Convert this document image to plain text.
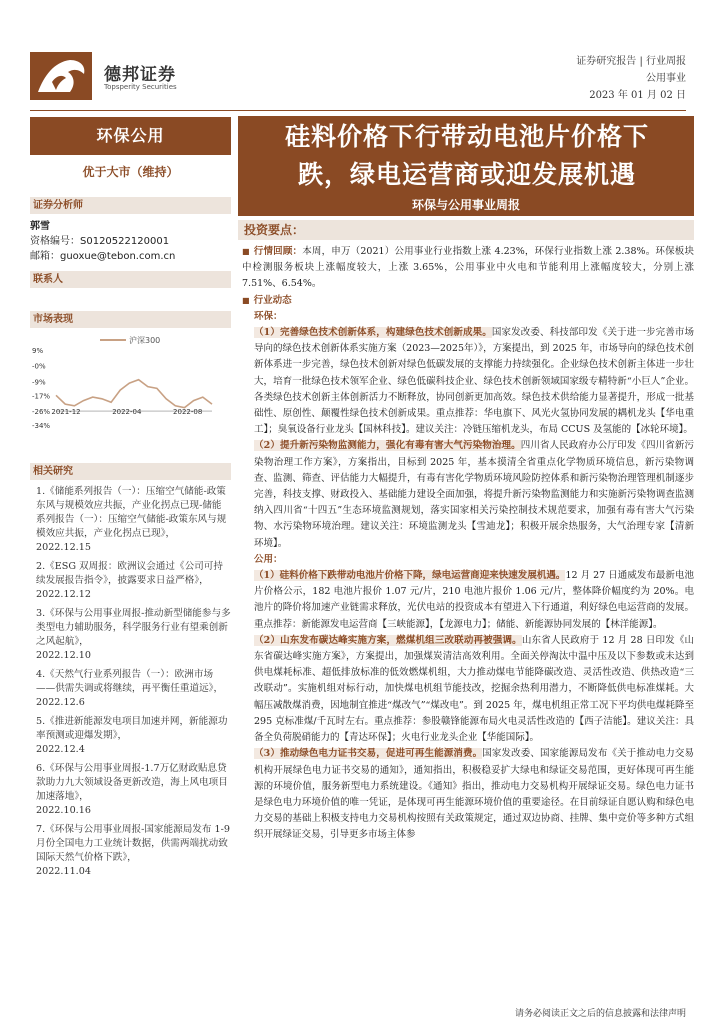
德邦证券
Topsperity Securities
证券研究报告 | 行业周报
公用事业
2023 年 01 月 02 日
环保公用
优于大市（维持）
证券分析师
郭雪
资格编号：S0120522120001
邮箱：guoxue@tebon.com.cn
联系人
市场表现
沪深300
9%
-0%
-9%
-17%
-26%
-34%
2021-12	2022-04	2022-08
相关研究
1.《储能系列报告（一）：压缩空气储能-政策东风与规模效应共振，产业化拐点已现-储能系列报告（一）：压缩空气储能-政策东风与规模效应共振，产业化拐点已现》，
2022.12.15
2.《ESG 双周报：欧洲议会通过《公司可持续发展报告指令》，披露要求日益严格》，
2022.12.12
3.《环保与公用事业周报-推动新型储能参与多类型电力辅助服务，科学服务行业有望乘创新之风起航》，
2022.12.10
4.《天然气行业系列报告（一）：欧洲市场——供需失调或将继续，再平衡任重道远》，
2022.12.6
5.《推进新能源发电项目加速并网，新能源功率预测或迎爆发期》，
2022.12.4
6.《环保与公用事业周报-1.7万亿财政贴息贷款助力九大领域设备更新改造，海上风电项目加速落地》，
2022.10.16
7.《环保与公用事业周报-国家能源局发布 1-9 月份全国电力工业统计数据，供需两端扰动致国际天然气价格下跌》，
2022.11.04
硅料价格下行带动电池片价格下
跌，绿电运营商或迎发展机遇
环保与公用事业周报
投资要点：

■ 行情回顾：本周，申万（2021）公用事业行业指数上涨 4.23%，环保行业指数上涨 2.38%。环保板块中检测服务板块上涨幅度较大，上涨 3.65%，公用事业中火电和节能利用上涨幅度较大，分别上涨 7.51%、6.54%。

■ 行业动态

环保：

（1）完善绿色技术创新体系，构建绿色技术创新成果。国家发改委、科技部印发《关于进一步完善市场导向的绿色技术创新体系实施方案（2023—2025年）》，方案提出，到 2025 年，市场导向的绿色技术创新体系进一步完善，绿色技术创新对绿色低碳发展的支撑能力持续强化。企业绿色技术创新主体进一步壮大，培育一批绿色技术领军企业、绿色低碳科技企业、绿色技术创新领域国家级专精特新“小巨人”企业。各类绿色技术创新主体创新活力不断释放，协同创新更加高效。绿色技术供给能力显著提升，形成一批基础性、原创性、颠覆性绿色技术创新成果。重点推荐：华电旗下、风光火氢协同发展的耦机龙头【华电重工】；臭氧设备行业龙头【国林科技】。建议关注：冷链压缩机龙头，布局 CCUS 及氢能的【冰轮环境】。

（2）提升新污染物监测能力，强化有毒有害大气污染物治理。四川省人民政府办公厅印发《四川省新污染物治理工作方案》，方案指出，目标到 2025 年，基本摸清全省重点化学物质环境信息，新污染物调查、监测、筛查、评估能力大幅提升，有毒有害化学物质环境风险防控体系和新污染物治理管理机制逐步完善，科技支撑、财政投入、基础能力建设全面加强，将提升新污染物监测能力和实施新污染物调查监测纳入四川省“十四五”生态环境监测规划，落实国家相关污染控制技术规范要求，加强有毒有害大气污染物、水污染物环境治理。建议关注：环境监测龙头【雪迪龙】；积极开展余热服务，大气治理专家【清新环境】。

公用：

（1）硅料价格下跌带动电池片价格下降，绿电运营商迎来快速发展机遇。12 月 27 日通威发布最新电池片价格公示，182 电池片报价 1.07 元/片，210 电池片报价 1.06 元/片，整体降价幅度约为 20%。电池片的降价将加速产业链需求释放，光伏电站的投资成本有望进入下行通道，利好绿色电运营商的发展。重点推荐：新能源发电运营商【三峡能源】，【龙源电力】；储能、新能源协同发展的【林洋能源】。

（2）山东发布碳达峰实施方案，燃煤机组三改联动再被强调。山东省人民政府于 12 月 28 日印发《山东省碳达峰实施方案》，方案提出，加强煤炭清洁高效利用。全面关停淘汰中温中压及以下参数或未达到供电煤耗标准、超低排放标准的低效燃煤机组，大力推动煤电节能降碳改造、灵活性改造、供热改造“三改联动”。实施机组对标行动，加快煤电机组节能技改，挖掘余热利用潜力，不断降低供电标准煤耗。大幅压减散煤消费，因地制宜推进“煤改气”“煤改电”。到 2025 年，煤电机组正常工况下平均供电煤耗降至 295 克标准煤/千瓦时左右。重点推荐：参股赣锋能源布局火电灵活性改造的【西子洁能】。建议关注：具备全负荷脱硝能力的【青达环保】；火电行业龙头企业【华能国际】。

（3）推动绿色电力证书交易，促进可再生能源消费。国家发改委、国家能源局发布《关于推动电力交易机构开展绿色电力证书交易的通知》，通知指出，积极稳妥扩大绿电和绿证交易范围，更好体现可再生能源的环境价值，服务新型电力系统建设。《通知》指出，推动电力交易机构开展绿证交易。绿色电力证书是绿色电力环境价值的唯一凭证，是体现可再生能源环境价值的重要途径。在目前绿证自愿认购和绿色电力交易的基础上积极支持电力交易机构按照有关政策规定，通过双边协商、挂牌、集中竞价等多种方式组织开展绿证交易，引导更多市场主体参

请务必阅读正文之后的信息披露和法律声明
